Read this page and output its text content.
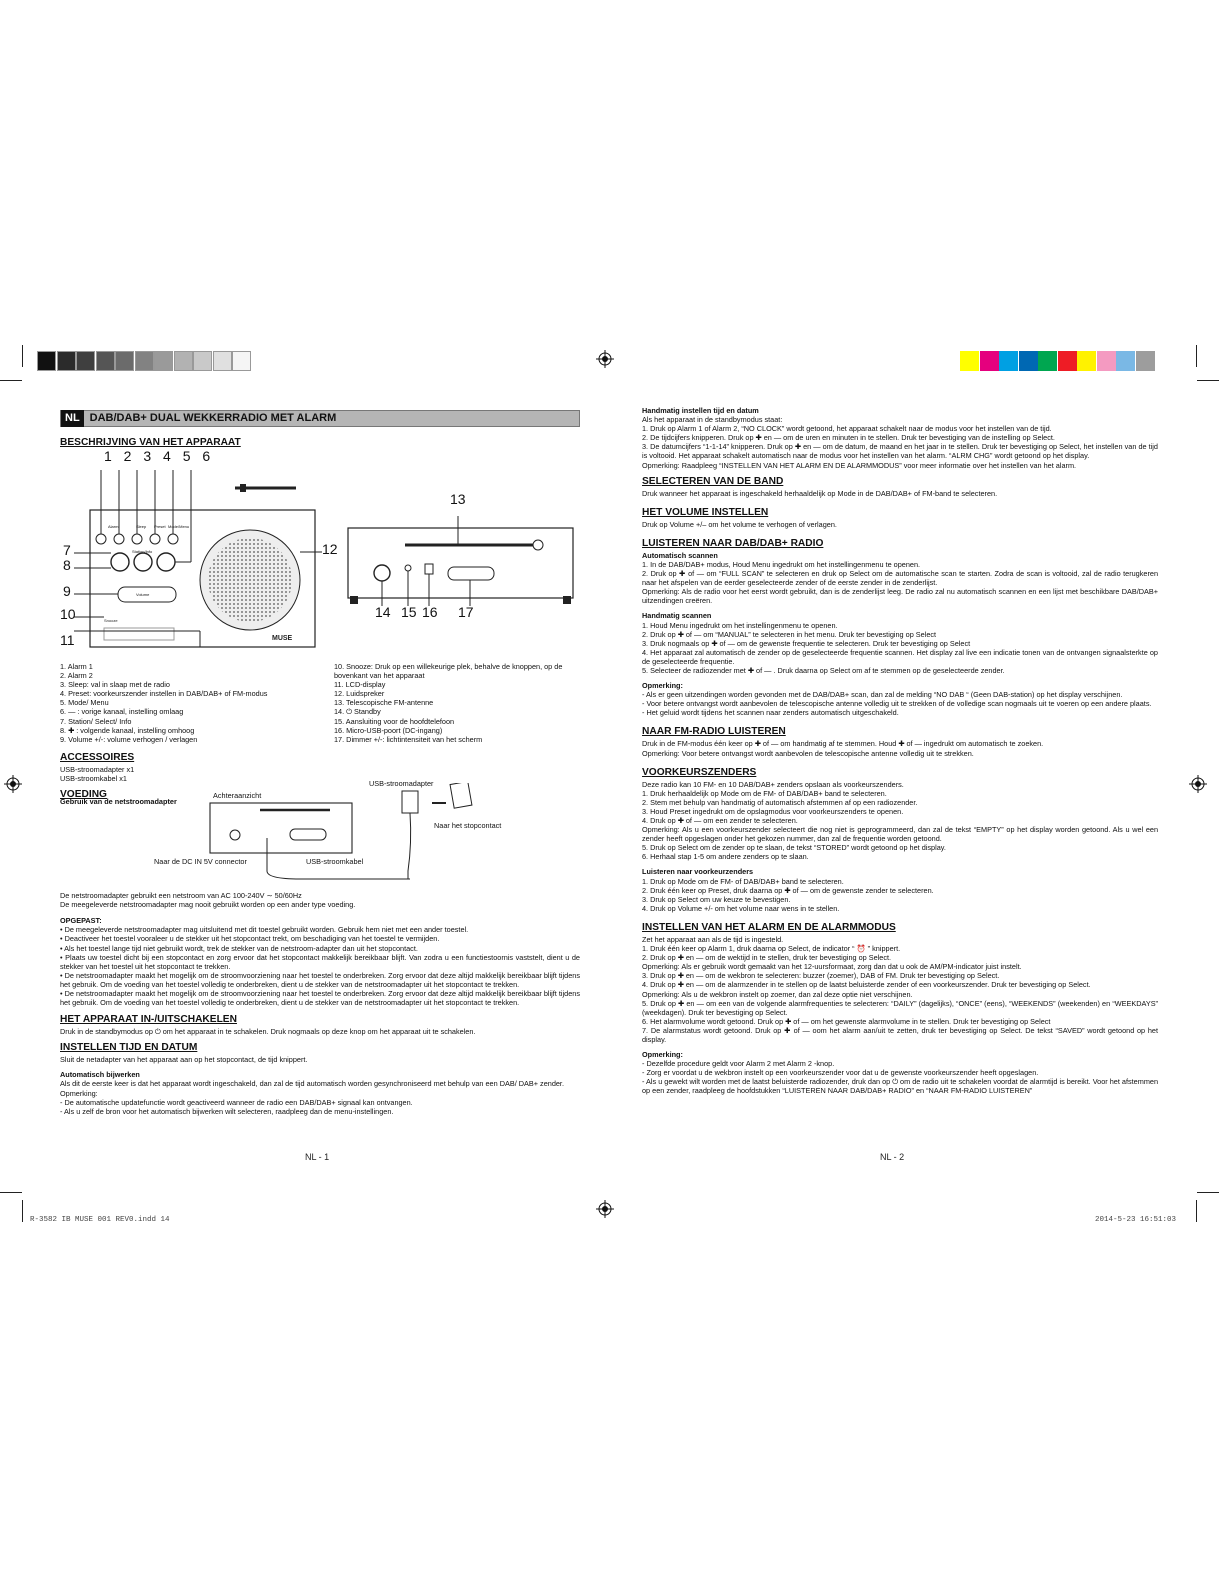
NL DAB/DAB+ DUAL WEKKERRADIO MET ALARM
BESCHRIJVING VAN HET APPARAAT
MUSE
Snooze
1 2 3 4 5 6
7
8
9
10
11
12
13
14 15 16 17
Alarm	Sleep Preset Mode/Menu
Station/Info
Volume
1. Alarm 1
2. Alarm 2
3. Sleep: val in slaap met de radio
4. Preset: voorkeurszender instellen in DAB/DAB+ of FM-modus
5. Mode/ Menu
6. — : vorige kanaal, instelling omlaag
7. Station/ Select/ Info
8. ✚ : volgende kanaal, instelling omhoog
9. Volume +/-: volume verhogen / verlagen
10. Snooze: Druk op een willekeurige plek, behalve de knoppen, op de bovenkant van het apparaat
11. LCD-display
12. Luidspreker
13. Telescopische FM-antenne
14. ⏻ Standby
15. Aansluiting voor de hoofdtelefoon
16. Micro-USB-poort (DC-ingang)
17. Dimmer +/-: lichtintensiteit van het scherm
ACCESSOIRES
USB-stroomadapter x1
USB-stroomkabel x1
VOEDING
Gebruik van de netstroomadapter
Achteraanzicht
USB-stroomadapter
Naar het stopcontact
Naar de DC IN 5V connector	USB-stroomkabel
De netstroomadapter gebruikt een netstroom van AC 100-240V ∼ 50/60Hz
De meegeleverde netstroomadapter mag nooit gebruikt worden op een ander type voeding.
OPGEPAST:
• De meegeleverde netstroomadapter mag uitsluitend met dit toestel gebruikt worden. Gebruik hem niet met een ander toestel.
• Deactiveer het toestel vooraleer u de stekker uit het stopcontact trekt, om beschadiging van het toestel te vermijden.
• Als het toestel lange tijd niet gebruikt wordt, trek de stekker van de netstroom-adapter dan uit het stopcontact.
• Plaats uw toestel dicht bij een stopcontact en zorg ervoor dat het stopcontact makkelijk bereikbaar blijft. Van zodra u een functiestoornis vaststelt, dient u de stekker van het toestel uit het stopcontact te trekken.
• De netstroomadapter maakt het mogelijk om de stroomvoorziening naar het toestel te onderbreken. Zorg ervoor dat deze altijd makkelijk bereikbaar blijft tijdens het gebruik. Om de voeding van het toestel volledig te onderbreken, dient u de stekker van de netstroomadapter uit het stopcontact te trekken.
• De netstroomadapter maakt het mogelijk om de stroomvoorziening naar het toestel te onderbreken. Zorg ervoor dat deze altijd makkelijk bereikbaar blijft tijdens het gebruik. Om de voeding van het toestel volledig te onderbreken, dient u de stekker van de netstroomadapter uit het stopcontact te trekken.
HET APPARAAT IN-/UITSCHAKELEN
Druk in de standbymodus op ⏻ om het apparaat in te schakelen. Druk nogmaals op deze knop om het apparaat uit te schakelen.
INSTELLEN TIJD EN DATUM
Sluit de netadapter van het apparaat aan op het stopcontact, de tijd knippert.
Automatisch bijwerken
Als dit de eerste keer is dat het apparaat wordt ingeschakeld, dan zal de tijd automatisch worden gesynchroniseerd met behulp van een DAB/ DAB+ zender.
Opmerking:
- De automatische updatefunctie wordt geactiveerd wanneer de radio een DAB/DAB+ signaal kan ontvangen.
- Als u zelf de bron voor het automatisch bijwerken wilt selecteren, raadpleeg dan de menu-instellingen.
Handmatig instellen tijd en datum
Als het apparaat in de standbymodus staat:
1. Druk op Alarm 1 of Alarm 2, “NO CLOCK” wordt getoond, het apparaat schakelt naar de modus voor het instellen van de tijd.
2. De tijdcijfers knipperen. Druk op ✚ en — om de uren en minuten in te stellen. Druk ter bevestiging van de instelling op Select.
3. De datumcijfers “1-1-14” knipperen. Druk op ✚ en — om de datum, de maand en het jaar in te stellen. Druk ter bevestiging op Select, het instellen van de tijd is voltooid. Het apparaat schakelt automatisch naar de modus voor het instellen van het alarm. “ALRM CHG” wordt getoond op het display.
Opmerking: Raadpleeg “INSTELLEN VAN HET ALARM EN DE ALARMMODUS” voor meer informatie over het instellen van het alarm.
SELECTEREN VAN DE BAND
Druk wanneer het apparaat is ingeschakeld herhaaldelijk op Mode in de DAB/DAB+ of FM-band te selecteren.
HET VOLUME INSTELLEN
Druk op Volume +/– om het volume te verhogen of verlagen.
LUISTEREN NAAR DAB/DAB+ RADIO
Automatisch scannen
1. In de DAB/DAB+ modus, Houd Menu ingedrukt om het instellingenmenu te openen.
2. Druk op ✚ of — om “FULL SCAN” te selecteren en druk op Select om de automatische scan te starten. Zodra de scan is voltooid, zal de radio terugkeren naar het afspelen van de eerder geselecteerde zender of de eerste zender in de zenderlijst.
Opmerking: Als de radio voor het eerst wordt gebruikt, dan is de zenderlijst leeg. De radio zal nu automatisch scannen en een lijst met beschikbare DAB/DAB+ uitzendingen creëren.
Handmatig scannen
1. Houd Menu ingedrukt om het instellingenmenu te openen.
2. Druk op ✚ of — om “MANUAL” te selecteren in het menu. Druk ter bevestiging op Select
3. Druk nogmaals op ✚ of — om de gewenste frequentie te selecteren. Druk ter bevestiging op Select
4. Het apparaat zal automatisch de zender op de geselecteerde frequentie scannen. Het display zal live een indicatie tonen van de ontvangen signaalsterkte op de geselecteerde frequentie.
5. Selecteer de radiozender met ✚ of — . Druk daarna op Select om af te stemmen op de geselecteerde zender.
Opmerking:
- Als er geen uitzendingen worden gevonden met de DAB/DAB+ scan, dan zal de melding “NO DAB “ (Geen DAB-station) op het display verschijnen.
- Voor betere ontvangst wordt aanbevolen de telescopische antenne volledig uit te strekken of de volledige scan nogmaals uit te voeren op een andere plaats.
- Het geluid wordt tijdens het scannen naar zenders automatisch uitgeschakeld.
NAAR FM-RADIO LUISTEREN
Druk in de FM-modus één keer op ✚ of — om handmatig af te stemmen. Houd ✚ of — ingedrukt om automatisch te zoeken.
Opmerking: Voor betere ontvangst wordt aanbevolen de telescopische antenne volledig uit te strekken.
VOORKEURSZENDERS
Deze radio kan 10 FM- en 10 DAB/DAB+ zenders opslaan als voorkeurszenders.
1. Druk herhaaldelijk op Mode om de FM- of DAB/DAB+ band te selecteren.
2. Stem met behulp van handmatig of automatisch afstemmen af op een radiozender.
3. Houd Preset ingedrukt om de opslagmodus voor voorkeurszenders te openen.
4. Druk op ✚ of — om een zender te selecteren.
Opmerking: Als u een voorkeurszender selecteert die nog niet is geprogrammeerd, dan zal de tekst “EMPTY” op het display worden getoond. Als u wel een zender heeft opgeslagen onder het gekozen nummer, dan zal de frequentie worden getoond.
5. Druk op Select om de zender op te slaan, de tekst “STORED” wordt getoond op het display.
6. Herhaal stap 1-5 om andere zenders op te slaan.
Luisteren naar voorkeurzenders
1. Druk op Mode om de FM- of DAB/DAB+ band te selecteren.
2. Druk één keer op Preset, druk daarna op ✚ of — om de gewenste zender te selecteren.
3. Druk op Select om uw keuze te bevestigen.
4. Druk op Volume +/- om het volume naar wens in te stellen.
INSTELLEN VAN HET ALARM EN DE ALARMMODUS
Zet het apparaat aan als de tijd is ingesteld.
1. Druk één keer op Alarm 1, druk daarna op Select, de indicator “ ⏰ ” knippert.
2. Druk op ✚ en — om de wektijd in te stellen, druk ter bevestiging op Select.
Opmerking: Als er gebruik wordt gemaakt van het 12-uursformaat, zorg dan dat u ook de AM/PM-indicator juist instelt.
3. Druk op ✚ en — om de wekbron te selecteren: buzzer (zoemer), DAB of FM. Druk ter bevestiging op Select.
4. Druk op ✚ en — om de alarmzender in te stellen op de laatst beluisterde zender of een voorkeurszender. Druk ter bevestiging op Select.
Opmerking: Als u de wekbron instelt op zoemer, dan zal deze optie niet verschijnen.
5. Druk op ✚ en — om een van de volgende alarmfrequenties te selecteren: “DAILY” (dagelijks), “ONCE” (eens), “WEEKENDS” (weekenden) en “WEEKDAYS” (weekdagen). Druk ter bevestiging op Select.
6. Het alarmvolume wordt getoond. Druk op ✚ of — om het gewenste alarmvolume in te stellen. Druk ter bevestiging op Select
7. De alarmstatus wordt getoond. Druk op ✚ of — oom het alarm aan/uit te zetten, druk ter bevestiging op Select. De tekst “SAVED” wordt getoond op het display.
Opmerking:
- Dezelfde procedure geldt voor Alarm 2 met Alarm 2 -knop.
- Zorg er voordat u de wekbron instelt op een voorkeurszender voor dat u de gewenste voorkeurszender heeft opgeslagen.
- Als u gewekt wilt worden met de laatst beluisterde radiozender, druk dan op ⏻ om de radio uit te schakelen voordat de alarmtijd is bereikt. Voor het afstemmen op een zender, raadpleeg de hoofdstukken “LUISTEREN NAAR DAB/DAB+ RADIO” en “NAAR FM-RADIO LUISTEREN”
NL - 1	NL - 2
R-3582 IB MUSE 001 REV0.indd 14	2014-5-23 16:51:03
